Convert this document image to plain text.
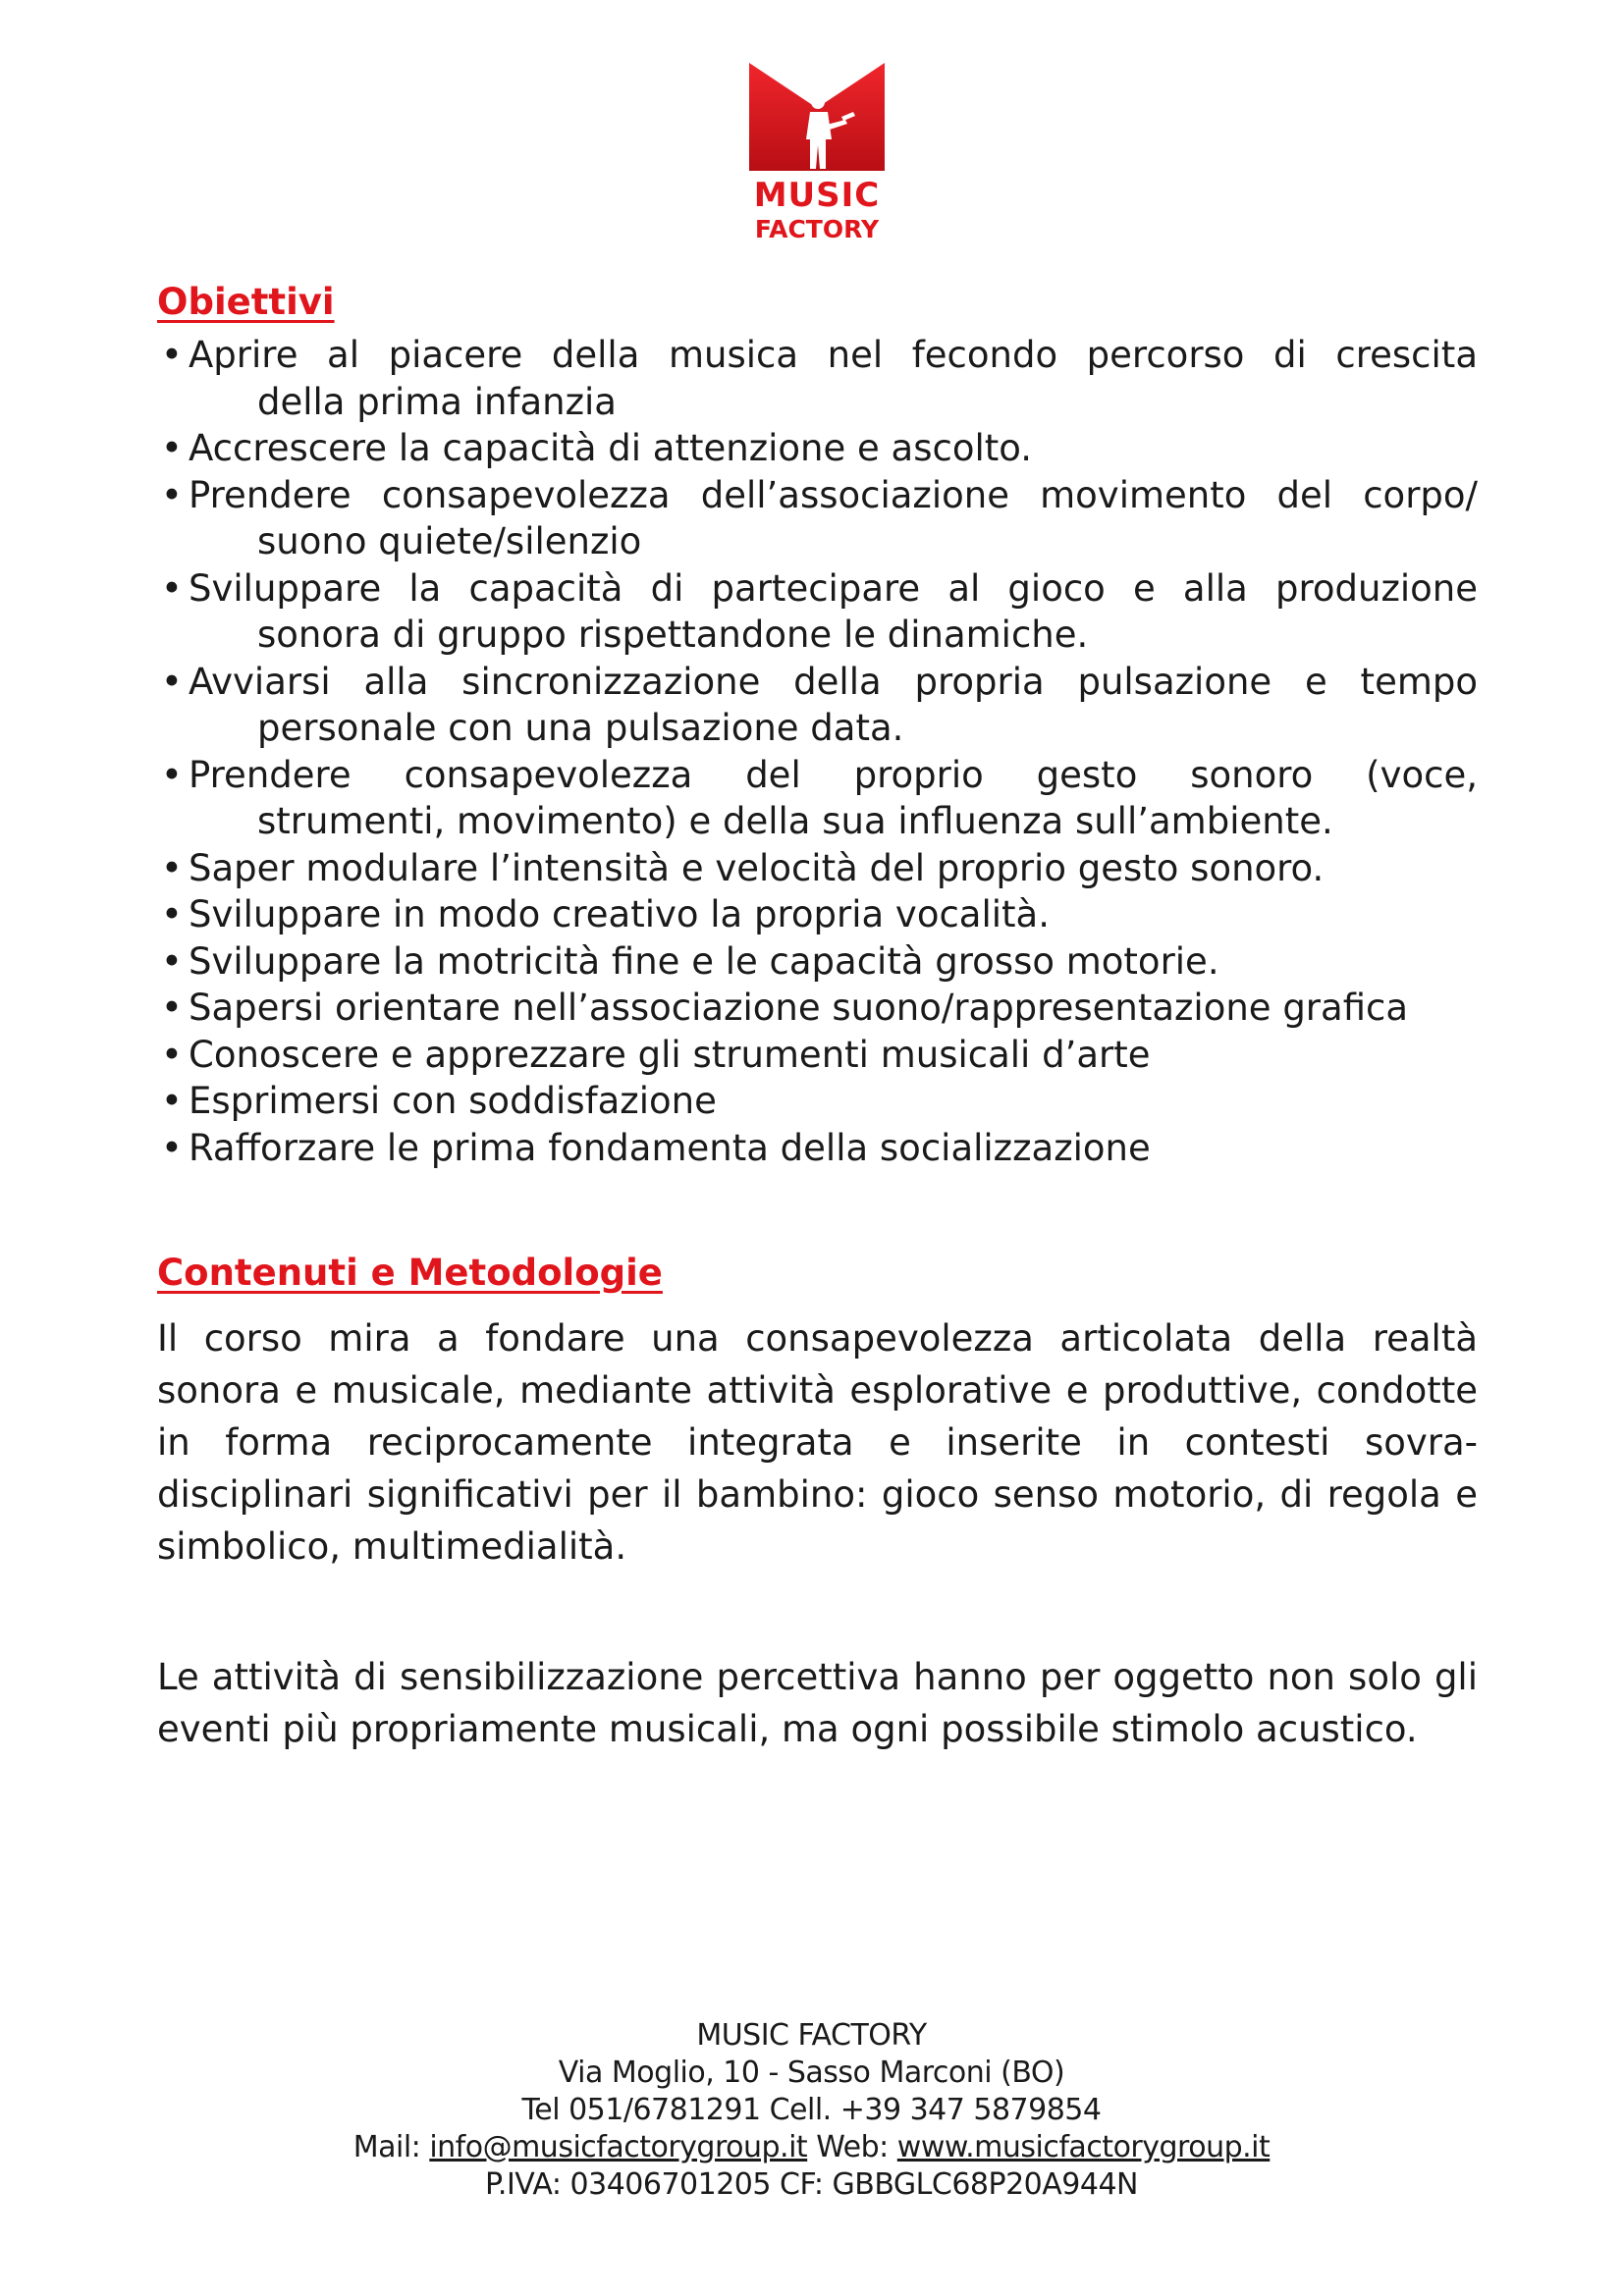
MUSIC
FACTORY
Obiettivi
• Aprire al piacere della musica nel fecondo percorso di crescita
della prima infanzia
• Accrescere la capacità di attenzione e ascolto.
• Prendere consapevolezza dell’associazione movimento del corpo/
suono quiete/silenzio
• Sviluppare la capacità di partecipare al gioco e alla produzione
sonora di gruppo rispettandone le dinamiche.
• Avviarsi alla sincronizzazione della propria pulsazione e tempo
personale con una pulsazione data.
• Prendere consapevolezza del proprio gesto sonoro (voce,
strumenti, movimento) e della sua influenza sull’ambiente.
• Saper modulare l’intensità e velocità del proprio gesto sonoro.
• Sviluppare in modo creativo la propria vocalità.
• Sviluppare la motricità fine e le capacità grosso motorie.
• Sapersi orientare nell’associazione suono/rappresentazione grafica
• Conoscere e apprezzare gli strumenti musicali d’arte
• Esprimersi con soddisfazione
• Rafforzare le prima fondamenta della socializzazione
Contenuti e Metodologie

Il corso mira a fondare una consapevolezza articolata della realtà sonora e musicale, mediante attività esplorative e produttive, condotte in forma reciprocamente integrata e inserite in contesti sovra-disciplinari significativi per il bambino: gioco senso motorio, di regola e simbolico, multimedialità.

Le attività di sensibilizzazione percettiva hanno per oggetto non solo gli eventi più propriamente musicali, ma ogni possibile stimolo acustico.

MUSIC FACTORY
Via Moglio, 10 - Sasso Marconi (BO)
Tel 051/6781291 Cell. +39 347 5879854
Mail: info@musicfactorygroup.it Web: www.musicfactorygroup.it
P.IVA: 03406701205 CF: GBBGLC68P20A944N
